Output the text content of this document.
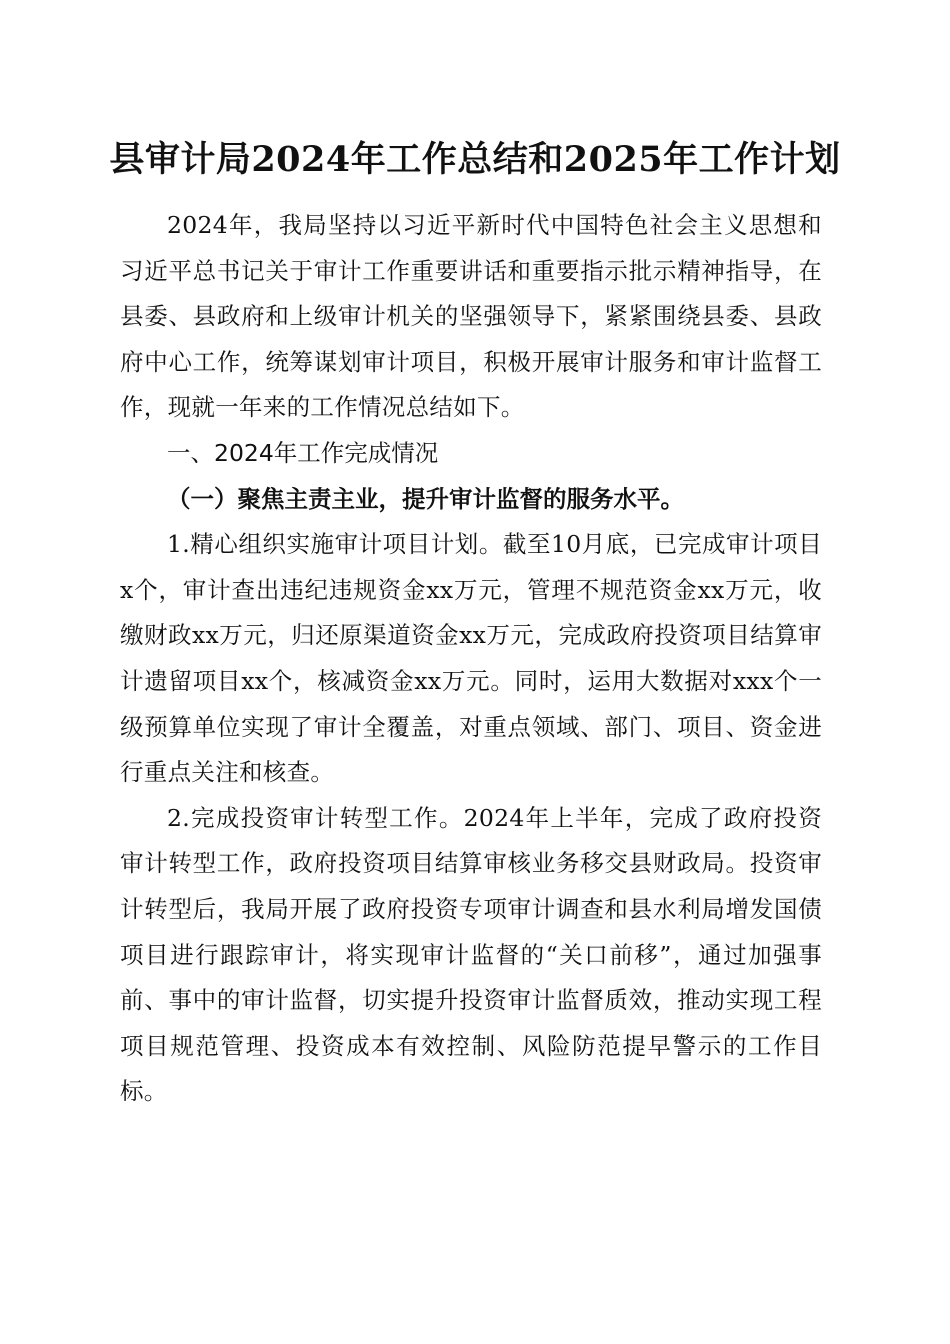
县审计局2024年工作总结和2025年工作计划

2024年，我局坚持以习近平新时代中国特色社会主义思想和习近平总书记关于审计工作重要讲话和重要指示批示精神指导，在县委、县政府和上级审计机关的坚强领导下，紧紧围绕县委、县政府中心工作，统筹谋划审计项目，积极开展审计服务和审计监督工作，现就一年来的工作情况总结如下。

一、2024年工作完成情况

（一）聚焦主责主业，提升审计监督的服务水平。

1.精心组织实施审计项目计划。截至10月底，已完成审计项目x个，审计查出违纪违规资金xx万元，管理不规范资金xx万元，收缴财政xx万元，归还原渠道资金xx万元，完成政府投资项目结算审计遗留项目xx个，核减资金xx万元。同时，运用大数据对xxx个一级预算单位实现了审计全覆盖，对重点领域、部门、项目、资金进行重点关注和核查。

2.完成投资审计转型工作。2024年上半年，完成了政府投资审计转型工作，政府投资项目结算审核业务移交县财政局。投资审计转型后，我局开展了政府投资专项审计调查和县水利局增发国债项目进行跟踪审计，将实现审计监督的“关口前移”，通过加强事前、事中的审计监督，切实提升投资审计监督质效，推动实现工程项目规范管理、投资成本有效控制、风险防范提早警示的工作目标。
